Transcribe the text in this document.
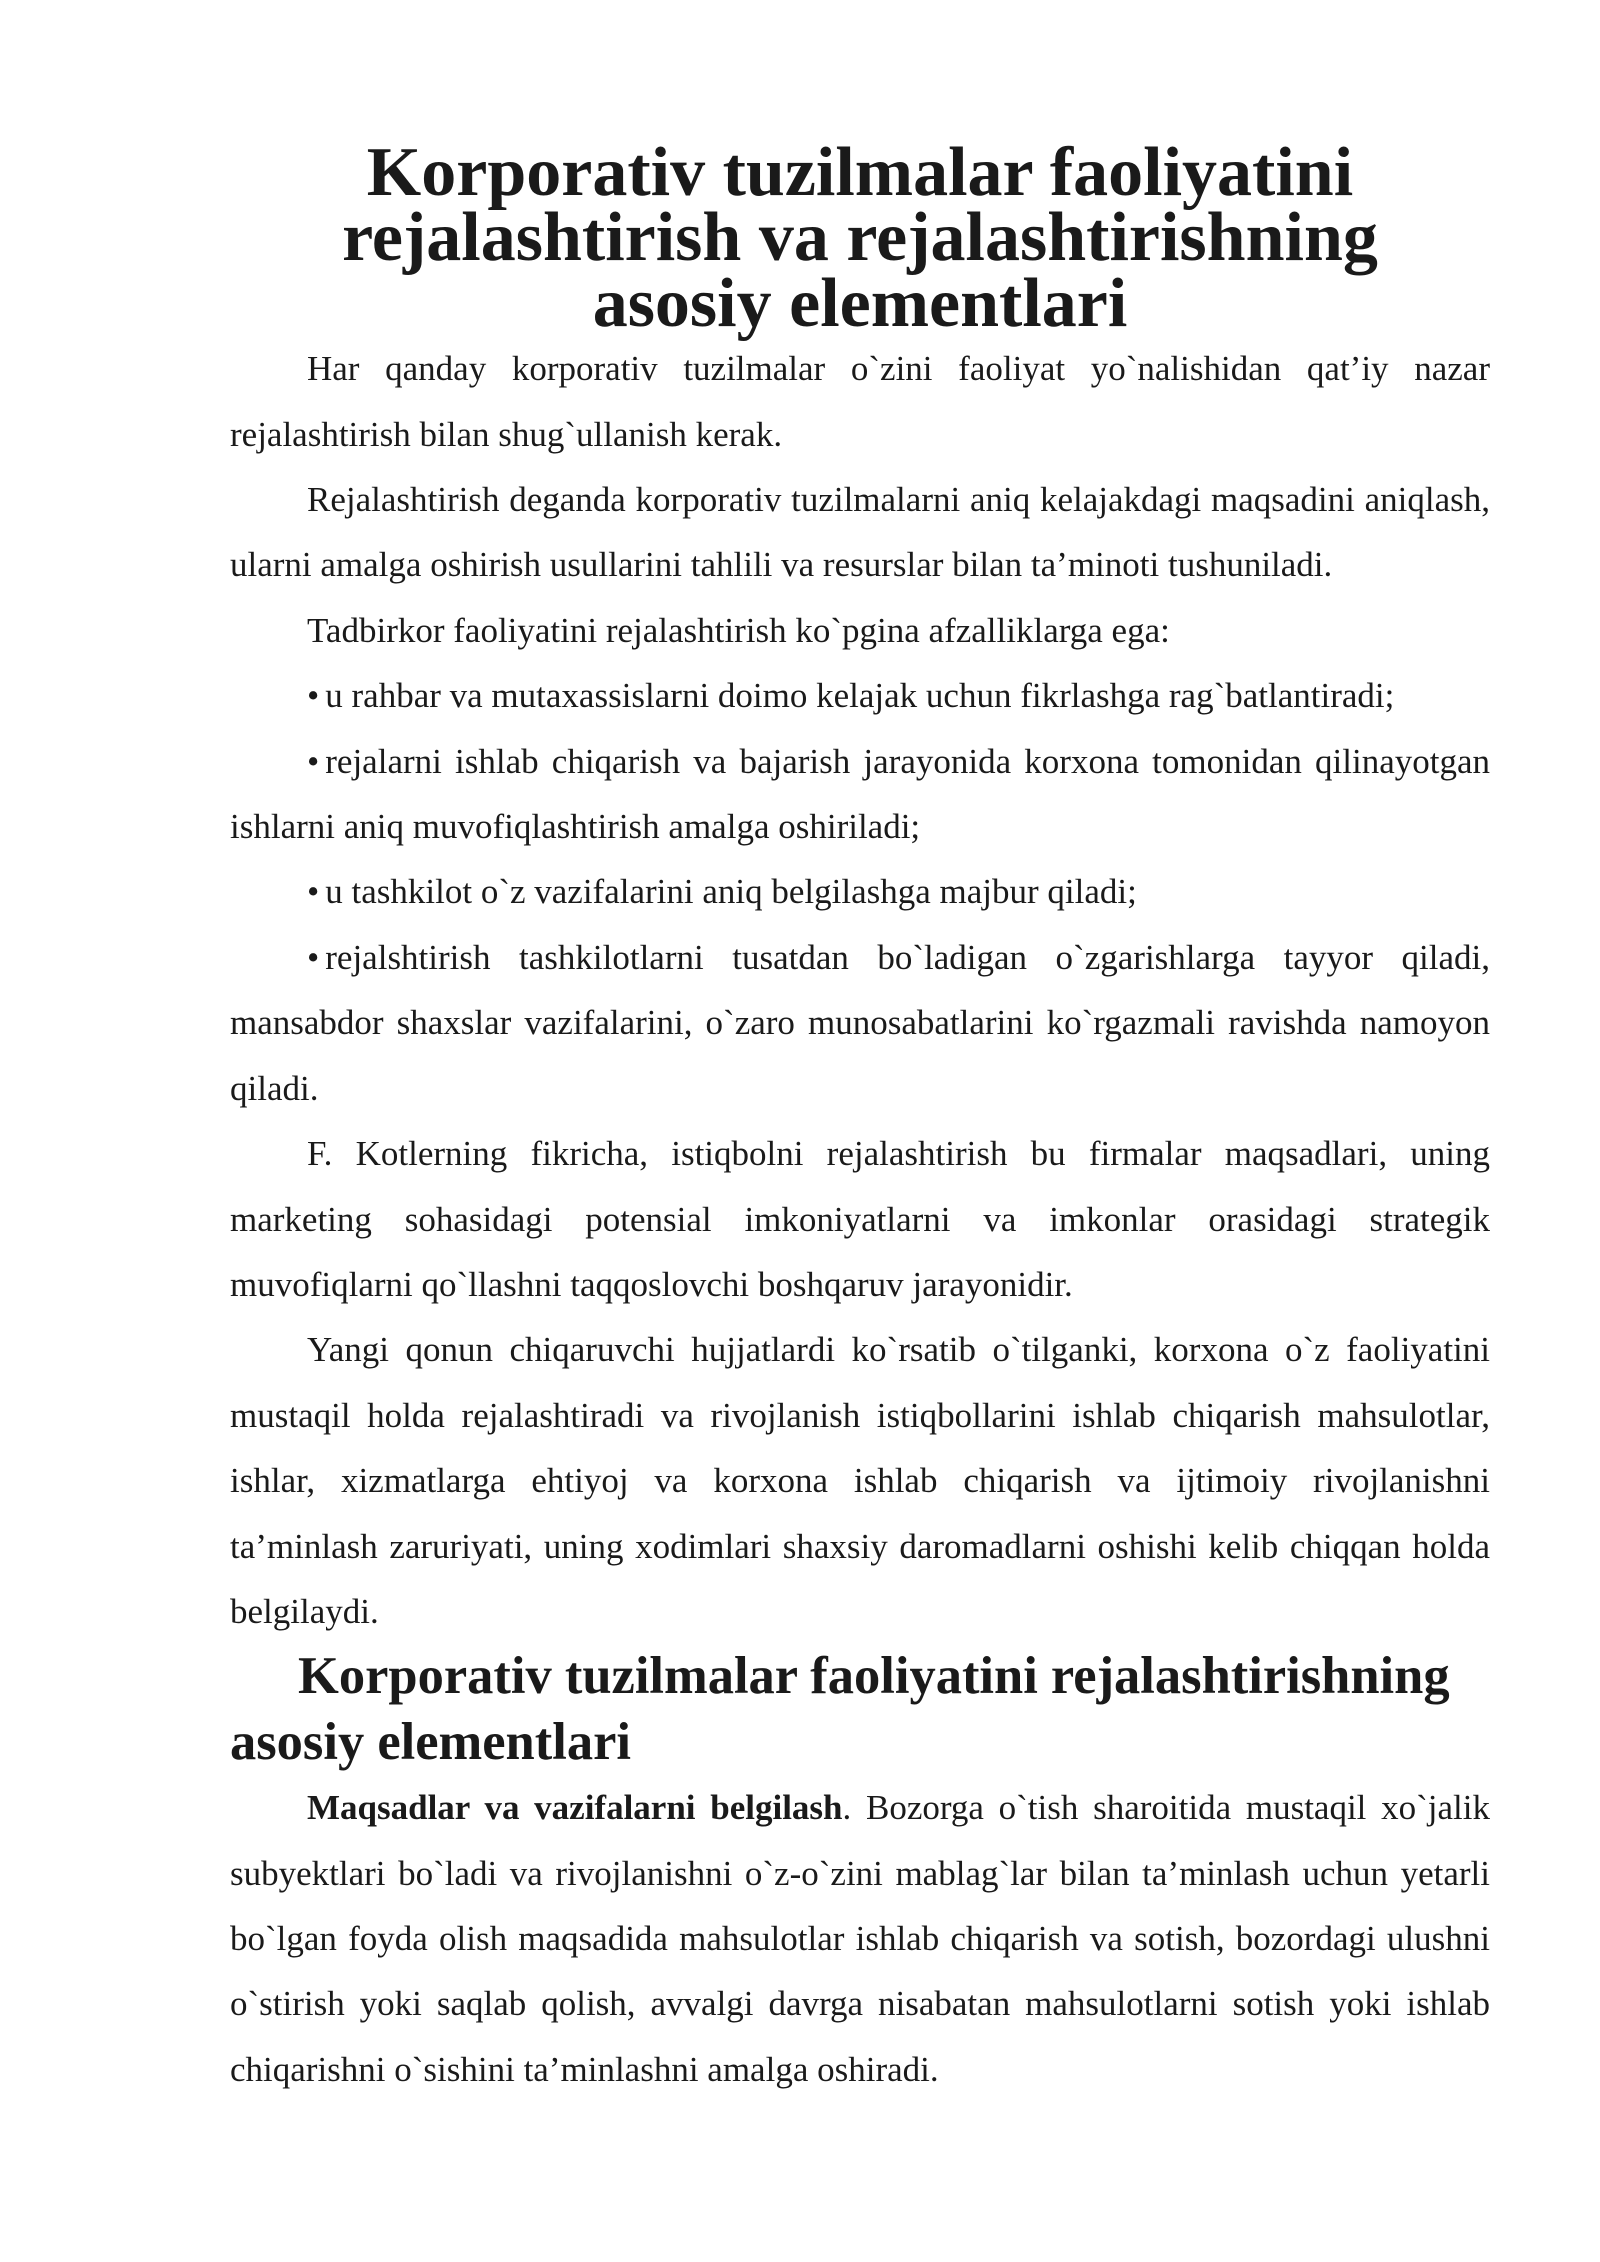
Korporativ tuzilmalar faoliyatini rejalashtirish va rejalashtirishning asosiy elementlari

Har qanday korporativ tuzilmalar o`zini faoliyat yo`nalishidan qat’iy nazar rejalashtirish bilan shug`ullanish kerak.

Rejalashtirish deganda korporativ tuzilmalarni aniq kelajakdagi maqsadini aniqlash, ularni amalga oshirish usullarini tahlili va resurslar bilan ta’minoti tushuniladi.

Tadbirkor faoliyatini rejalashtirish ko`pgina afzalliklarga ega:

• u rahbar va mutaxassislarni doimo kelajak uchun fikrlashga rag`batlantiradi;

• rejalarni ishlab chiqarish va bajarish jarayonida korxona tomonidan qilinayotgan ishlarni aniq muvofiqlashtirish amalga oshiriladi;

• u tashkilot o`z vazifalarini aniq belgilashga majbur qiladi;

• rejalshtirish tashkilotlarni tusatdan bo`ladigan o`zgarishlarga tayyor qiladi, mansabdor shaxslar vazifalarini, o`zaro munosabatlarini ko`rgazmali ravishda namoyon qiladi.

F. Kotlerning fikricha, istiqbolni rejalashtirish bu firmalar maqsadlari, uning marketing sohasidagi potensial imkoniyatlarni va imkonlar orasidagi strategik muvofiqlarni qo`llashni taqqoslovchi boshqaruv jarayonidir.

Yangi qonun chiqaruvchi hujjatlardi ko`rsatib o`tilganki, korxona o`z faoliyatini mustaqil holda rejalashtiradi va rivojlanish istiqbollarini ishlab chiqarish mahsulotlar, ishlar, xizmatlarga ehtiyoj va korxona ishlab chiqarish va ijtimoiy rivojlanishni ta’minlash zaruriyati, uning xodimlari shaxsiy daromadlarni oshishi kelib chiqqan holda belgilaydi.

Korporativ tuzilmalar faoliyatini rejalashtirishning asosiy elementlari

Maqsadlar va vazifalarni belgilash. Bozorga o`tish sharoitida mustaqil xo`jalik subyektlari bo`ladi va rivojlanishni o`z-o`zini mablag`lar bilan ta’minlash uchun yetarli bo`lgan foyda olish maqsadida mahsulotlar ishlab chiqarish va sotish, bozordagi ulushni o`stirish yoki saqlab qolish, avvalgi davrga nisabatan mahsulotlarni sotish yoki ishlab chiqarishni o`sishini ta’minlashni amalga oshiradi.
